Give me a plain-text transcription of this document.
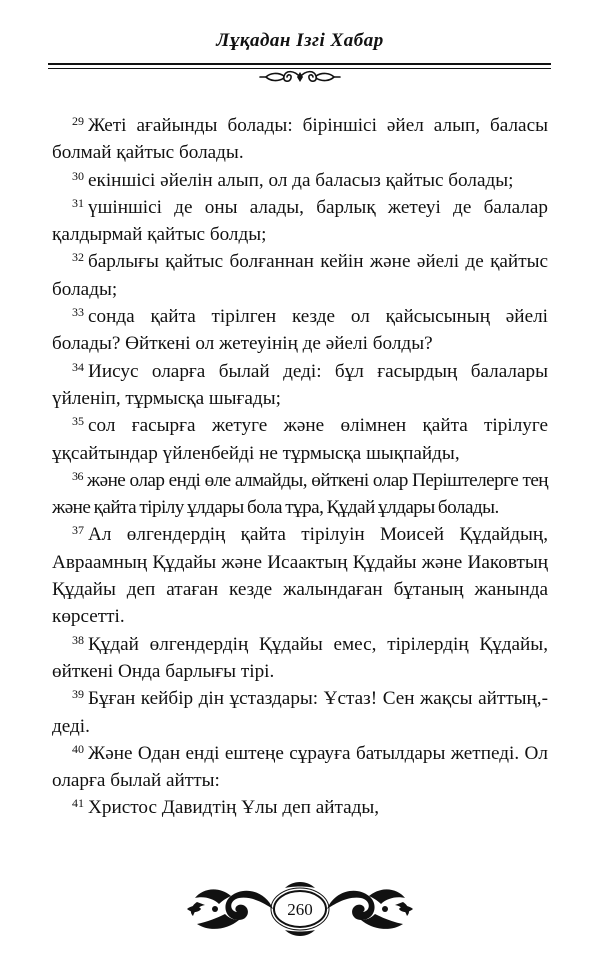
Лұқадан Ізгі Хабар

$^{29}$ Жеті ағайынды болады: біріншісі әйел алып, баласы болмай қайтыс болады.

$^{30}$ екіншісі әйелін алып, ол да баласыз қайтыс болады;

$^{31}$ үшіншісі де оны алады, барлық жетеуі де балалар қалдырмай қайтыс болды;

$^{32}$ барлығы қайтыс болғаннан кейін және әйелі де қайтыс болады;

$^{33}$ сонда қайта тірілген кезде ол қайсысының әйелі болады? Өйткені ол жетеуінің де әйелі болды?

$^{34}$ Иисус оларға былай деді: бұл ғасырдың балалары үйленіп, тұрмысқа шығады;

$^{35}$ сол ғасырға жетуге және өлімнен қайта тірілуге ұқсайтындар үйленбейді не тұрмысқа шықпайды,

$^{36}$ және олар енді өле алмайды, өйткені олар Періштелерге тең және қайта тірілу ұлдары бола тұра, Құдай ұлдары болады.

$^{37}$ Ал өлгендердің қайта тірілуін Моисей Құдайдың, Авраамның Құдайы және Исаактың Құдайы және Иаковтың Құдайы деп атаған кезде жалындаған бұтаның жанында көрсетті.

$^{38}$ Құдай өлгендердің Құдайы емес, тірілердің Құдайы, өйткені Онда барлығы тірі.

$^{39}$ Бұған кейбір дін ұстаздары: Ұстаз! Сен жақсы айттың,- деді.

$^{40}$ Және Одан енді ештеңе сұрауға батылдары жетпеді. Ол оларға былай айтты:

$^{41}$ Христос Давидтің Ұлы деп айтады,

260
